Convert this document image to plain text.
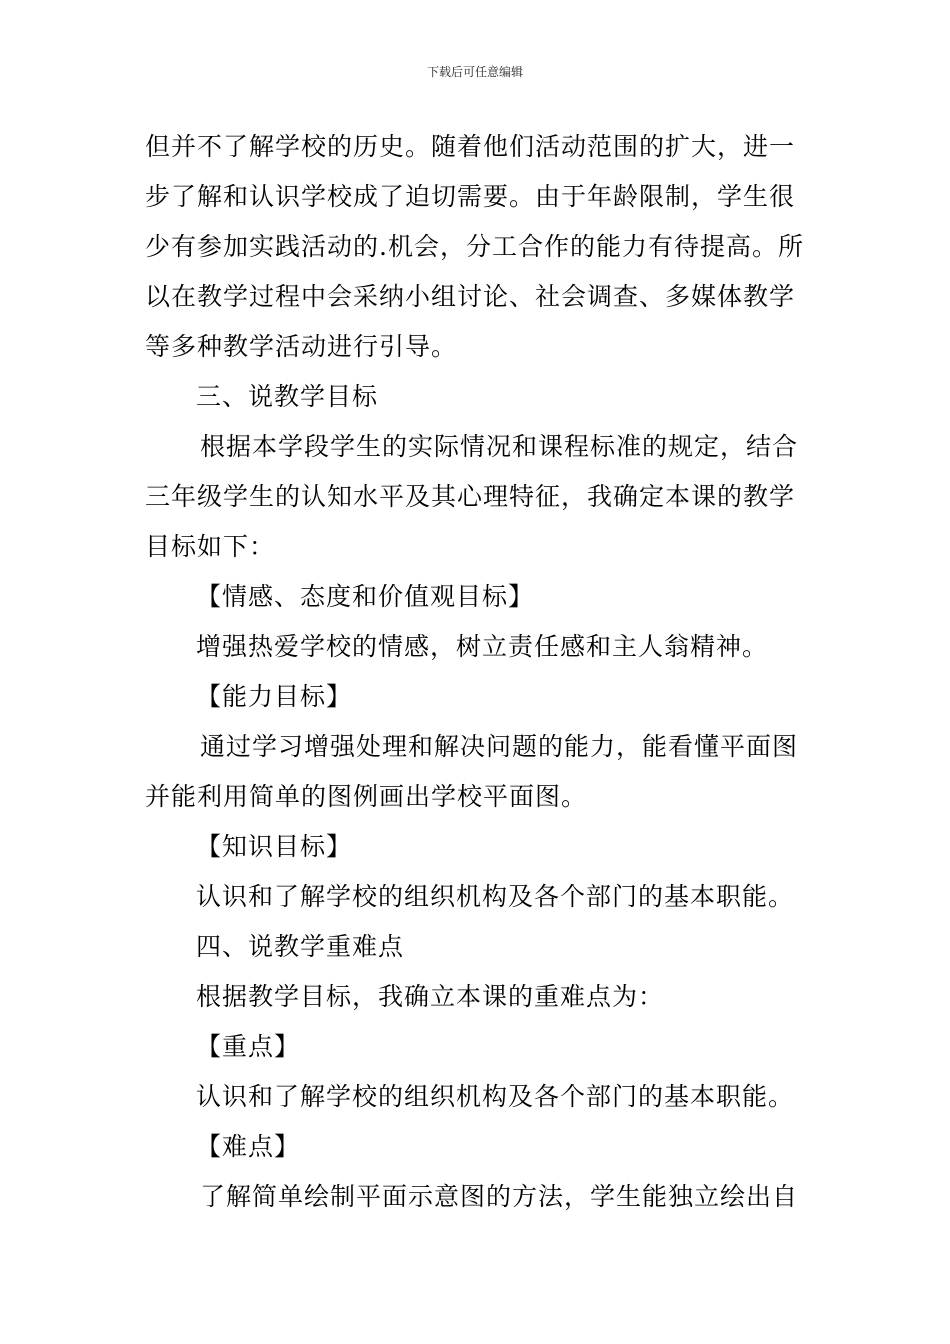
下载后可任意编辑
但并不了解学校的历史。随着他们活动范围的扩大，进一
步了解和认识学校成了迫切需要。由于年龄限制，学生很
少有参加实践活动的.机会，分工合作的能力有待提高。所
以在教学过程中会采纳小组讨论、社会调查、多媒体教学
等多种教学活动进行引导。
三、说教学目标
根据本学段学生的实际情况和课程标准的规定，结合
三年级学生的认知水平及其心理特征，我确定本课的教学
目标如下：
【情感、态度和价值观目标】
增强热爱学校的情感，树立责任感和主人翁精神。
【能力目标】
通过学习增强处理和解决问题的能力，能看懂平面图
并能利用简单的图例画出学校平面图。
【知识目标】
认识和了解学校的组织机构及各个部门的基本职能。
四、说教学重难点
根据教学目标，我确立本课的重难点为：
【重点】
认识和了解学校的组织机构及各个部门的基本职能。
【难点】
了解简单绘制平面示意图的方法，学生能独立绘出自
